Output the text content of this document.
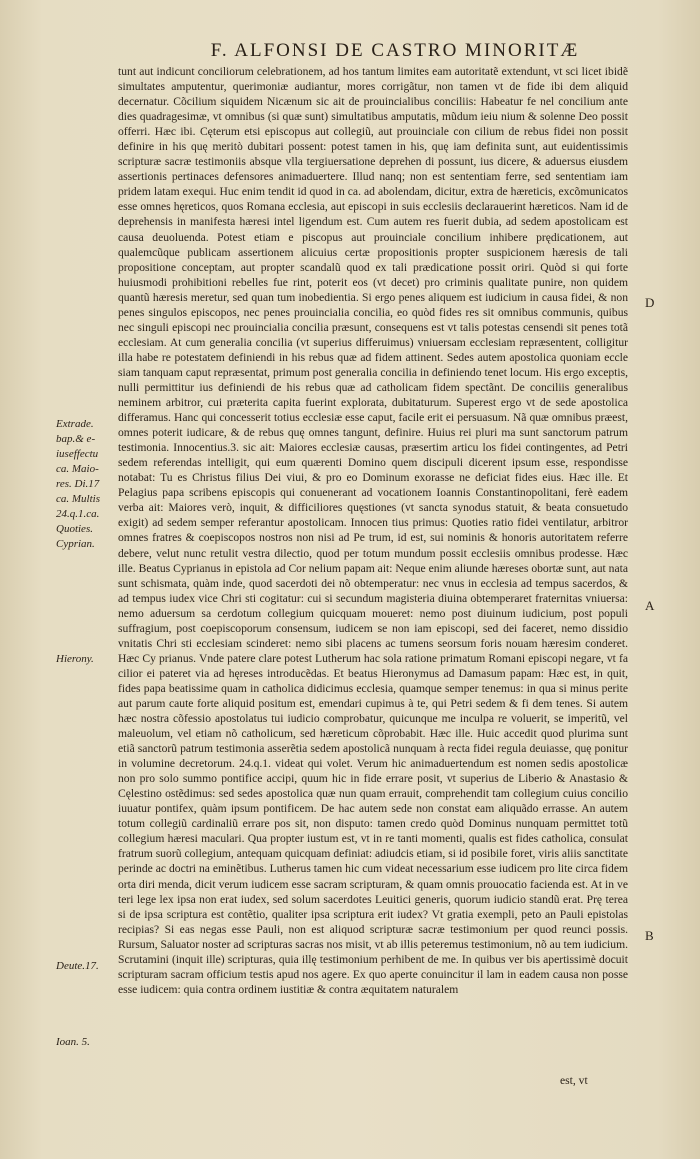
F. ALFONSI DE CASTRO MINORITÆ

tunt aut indicunt conciliorum celebrationem, ad hos tantum limites eam autoritatẽ extendunt, vt sci licet ibidẽ simultates amputentur, querimoniæ audiantur, mores corrigãtur, non tamen vt de fide ibi dem aliquid decernatur. Cõcilium siquidem Nicænum sic ait de prouincialibus conciliis: Habeatur fe nel concilium ante dies quadragesimæ, vt omnibus (si quæ sunt) simultatibus amputatis, mũdum ieiu nium & solenne Deo possit offerri. Hæc ibi. Cęterum etsi episcopus aut collegiũ, aut prouinciale con cilium de rebus fidei non possit definire in his quę meritò dubitari possent: potest tamen in his, quę iam definita sunt, aut euidentissimis scripturæ sacræ testimoniis absque vlla tergiuersatione deprehen di possunt, ius dicere, & aduersus eiusdem assertionis pertinaces defensores animaduertere. Illud nanq; non est sententiam ferre, sed sententiam iam pridem latam exequi. Huc enim tendit id quod in ca. ad abolendam, dicitur, extra de hæreticis, excõmunicatos esse omnes hęreticos, quos Romana ecclesia, aut episcopi in suis ecclesiis declarauerint hæreticos. Nam id de deprehensis in manifesta hæresi intel ligendum est. Cum autem res fuerit dubia, ad sedem apostolicam est causa deuoluenda. Potest etiam e piscopus aut prouinciale concilium inhibere prędicationem, aut qualemcũque publicam assertionem alicuius certæ propositionis propter suspicionem hæresis de tali propositione conceptam, aut propter scandalũ quod ex tali prædicatione possit oriri. Quòd si qui forte huiusmodi prohibitioni rebelles fue rint, poterit eos (vt decet) pro criminis qualitate punire, non quidem quantũ hæresis meretur, sed quan tum inobedientia. Si ergo penes aliquem est iudicium in causa fidei, & non penes singulos episcopos, nec penes prouincialia concilia, eo quòd fides res sit omnibus communis, quibus nec singuli episcopi nec prouincialia concilia præsunt, consequens est vt talis potestas censendi sit penes totã ecclesiam. At cum generalia concilia (vt superius differuimus) vniuersam ecclesiam repræsentent, colligitur illa habe re potestatem definiendi in his rebus quæ ad fidem attinent. Sedes autem apostolica quoniam eccle siam tanquam caput repræsentat, primum post generalia concilia in definiendo tenet locum. His ergo exceptis, nulli permittitur ius definiendi de his rebus quæ ad catholicam fidem spectãnt. De conciliis generalibus neminem arbitror, cui præterita capita fuerint explorata, dubitaturum. Superest ergo vt de sede apostolica differamus. Hanc qui concesserit totius ecclesiæ esse caput, facile erit ei persuasum. Nã quæ omnibus præest, omnes poterit iudicare, & de rebus quę omnes tangunt, definire. Huius rei pluri ma sunt sanctorum patrum testimonia. Innocentius.3. sic ait: Maiores ecclesiæ causas, præsertim articu los fidei contingentes, ad Petri sedem referendas intelligit, qui eum quærenti Domino quem discipuli dicerent ipsum esse, respondisse notabat: Tu es Christus filius Dei viui, & pro eo Dominum exorasse ne deficiat fides eius. Hæc ille. Et Pelagius papa scribens episcopis qui conuenerant ad vocationem Ioannis Constantinopolitani, ferè eadem verba ait: Maiores verò, inquit, & difficiliores quęstiones (vt sancta synodus statuit, & beata consuetudo exigit) ad sedem semper referantur apostolicam. Innocen tius primus: Quoties ratio fidei ventilatur, arbitror omnes fratres & coepiscopos nostros non nisi ad Pe trum, id est, sui nominis & honoris autoritatem referre debere, velut nunc retulit vestra dilectio, quod per totum mundum possit ecclesiis omnibus prodesse. Hæc ille. Beatus Cyprianus in epistola ad Cor nelium papam ait: Neque enim aliunde hæreses obortæ sunt, aut nata sunt schismata, quàm inde, quod sacerdoti dei nõ obtemperatur: nec vnus in ecclesia ad tempus sacerdos, & ad tempus iudex vice Chri sti cogitatur: cui si secundum magisteria diuina obtemperaret fraternitas vniuersa: nemo aduersum sa cerdotum collegium quicquam moueret: nemo post diuinum iudicium, post populi suffragium, post coepiscoporum consensum, iudicem se non iam episcopi, sed dei faceret, nemo dissidio vnitatis Chri sti ecclesiam scinderet: nemo sibi placens ac tumens seorsum foris nouam hæresim conderet. Hæc Cy prianus. Vnde patere clare potest Lutherum hac sola ratione primatum Romani episcopi negare, vt fa cilior ei pateret via ad hęreses introducẽdas. Et beatus Hieronymus ad Damasum papam: Hæc est, in quit, fides papa beatissime quam in catholica didicimus ecclesia, quamque semper tenemus: in qua si minus perite aut parum caute forte aliquid positum est, emendari cupimus à te, qui Petri sedem & fi dem tenes. Si autem hæc nostra cõfessio apostolatus tui iudicio comprobatur, quicunque me inculpa re voluerit, se imperitũ, vel maleuolum, vel etiam nõ catholicum, sed hæreticum cõprobabit. Hæc ille. Huic accedit quod plurima sunt etiã sanctorũ patrum testimonia asserẽtia sedem apostolicã nunquam à recta fidei regula deuiasse, quę ponitur in volumine decretorum. 24.q.1. videat qui volet. Verum hic animaduertendum est nomen sedis apostolicæ non pro solo summo pontifice accipi, quum hic in fide errare posit, vt superius de Liberio & Anastasio & Cęlestino ostẽdimus: sed sedes apostolica quæ nun quam errauit, comprehendit tam collegium cuius concilio iuuatur pontifex, quàm ipsum pontificem. De hac autem sede non constat eam aliquãdo errasse. An autem totum collegiũ cardinaliũ errare pos sit, non disputo: tamen credo quòd Dominus nunquam permittet totũ collegium hæresi maculari. Qua propter iustum est, vt in re tanti momenti, qualis est fides catholica, consulat fratrum suorũ collegium, antequam quicquam definiat: adiudcis etiam, si id posibile foret, viris aliis sanctitate perinde ac doctri na eminẽtibus. Lutherus tamen hic cum videat necessarium esse iudicem pro lite circa fidem orta diri menda, dicit verum iudicem esse sacram scripturam, & quam omnis prouocatio facienda est. At in ve teri lege lex ipsa non erat iudex, sed solum sacerdotes Leuitici generis, quorum iudicio standũ erat. Prę terea si de ipsa scriptura est contẽtio, qualiter ipsa scriptura erit iudex? Vt gratia exempli, peto an Pauli epistolas recipias? Si eas negas esse Pauli, non est aliquod scripturæ sacræ testimonium per quod reunci possis. Rursum, Saluator noster ad scripturas sacras nos misit, vt ab illis peteremus testimonium, nõ au tem iudicium. Scrutamini (inquit ille) scripturas, quia illę testimonium perhibent de me. In quibus ver bis apertissimè docuit scripturam sacram officium testis apud nos agere. Ex quo aperte conuincitur il lam in eadem causa non posse esse iudicem: quia contra ordinem iustitiæ & contra æquitatem naturalem

Extrade.
bap.& e-
iuseffectu
ca. Maio-
res. Di.17
ca. Multis
24.q.1.ca.
Quoties.
Cyprian.
Hierony.
Deute.17.
Ioan. 5.
D
A
B
est, vt
